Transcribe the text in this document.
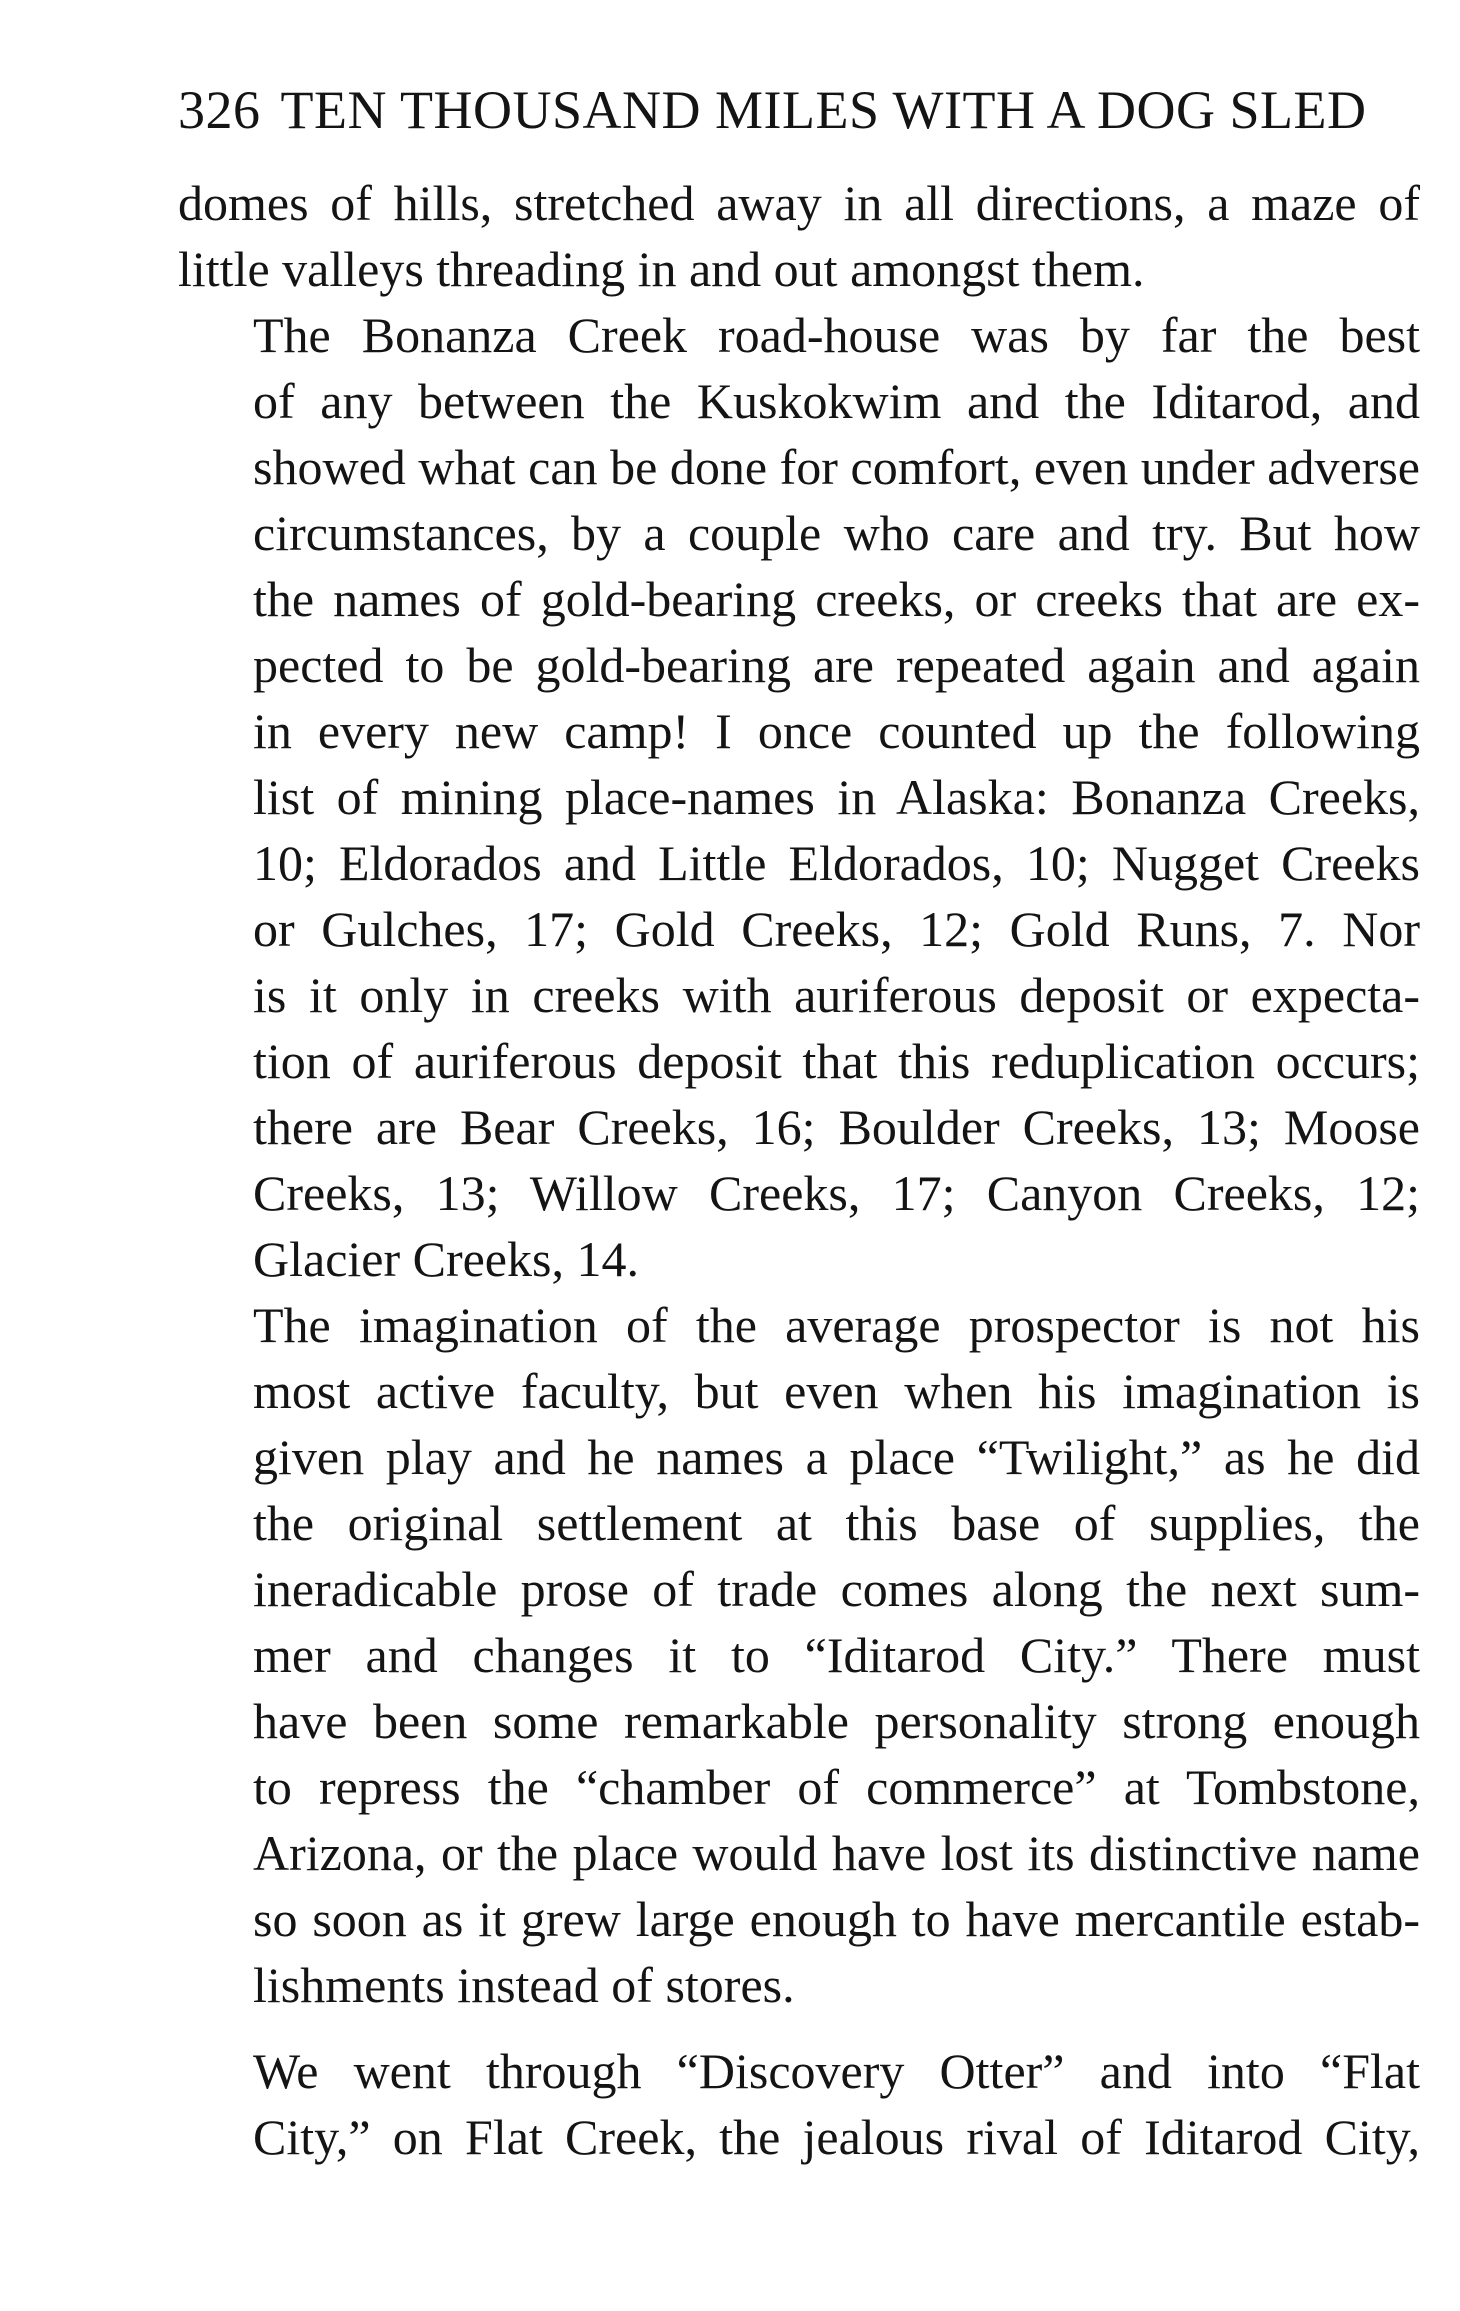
326 TEN THOUSAND MILES WITH A DOG SLED

domes of hills, stretched away in all directions, a maze of
little valleys threading in and out amongst them.

The Bonanza Creek road-house was by far the best
of any between the Kuskokwim and the Iditarod, and
showed what can be done for comfort, even under adverse
circumstances, by a couple who care and try. But how
the names of gold-bearing creeks, or creeks that are ex-
pected to be gold-bearing are repeated again and again
in every new camp! I once counted up the following
list of mining place-names in Alaska: Bonanza Creeks,
10; Eldorados and Little Eldorados, 10; Nugget Creeks
or Gulches, 17; Gold Creeks, 12; Gold Runs, 7. Nor
is it only in creeks with auriferous deposit or expecta-
tion of auriferous deposit that this reduplication occurs;
there are Bear Creeks, 16; Boulder Creeks, 13; Moose
Creeks, 13; Willow Creeks, 17; Canyon Creeks, 12;
Glacier Creeks, 14.

The imagination of the average prospector is not his
most active faculty, but even when his imagination is
given play and he names a place “Twilight,” as he did
the original settlement at this base of supplies, the
ineradicable prose of trade comes along the next sum-
mer and changes it to “Iditarod City.” There must
have been some remarkable personality strong enough
to repress the “chamber of commerce” at Tombstone,
Arizona, or the place would have lost its distinctive name
so soon as it grew large enough to have mercantile estab-
lishments instead of stores.

We went through “Discovery Otter” and into “Flat
City,” on Flat Creek, the jealous rival of Iditarod City,
